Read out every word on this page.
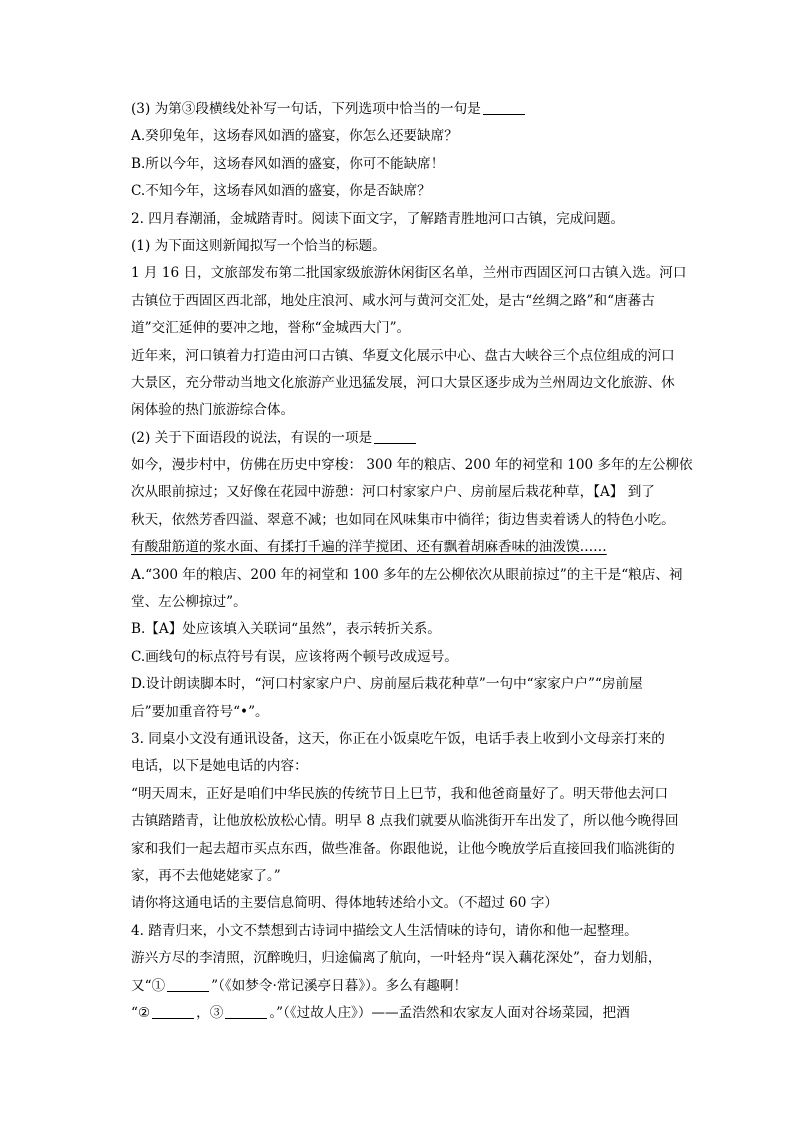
(3) 为第③段横线处补写一句话，下列选项中恰当的一句是
A.癸卯兔年，这场春风如酒的盛宴，你怎么还要缺席？
B.所以今年，这场春风如酒的盛宴，你可不能缺席！
C.不知今年，这场春风如酒的盛宴，你是否缺席？
2. 四月春潮涌，金城踏青时。阅读下面文字，了解踏青胜地河口古镇，完成问题。
(1) 为下面这则新闻拟写一个恰当的标题。
1 月 16 日，文旅部发布第二批国家级旅游休闲街区名单，兰州市西固区河口古镇入选。河口
古镇位于西固区西北部，地处庄浪河、咸水河与黄河交汇处，是古“丝绸之路”和“唐蕃古
道”交汇延伸的要冲之地，誉称“金城西大门”。
近年来，河口镇着力打造由河口古镇、华夏文化展示中心、盘古大峡谷三个点位组成的河口
大景区，充分带动当地文化旅游产业迅猛发展，河口大景区逐步成为兰州周边文化旅游、休
闲体验的热门旅游综合体。
(2) 关于下面语段的说法，有误的一项是
如今，漫步村中，仿佛在历史中穿梭： 300 年的粮店、200 年的祠堂和 100 多年的左公柳依
次从眼前掠过；又好像在花园中游憩：河口村家家户户、房前屋后栽花种草，【A】 到了
秋天，依然芳香四溢、翠意不减；也如同在风味集市中徜徉；街边售卖着诱人的特色小吃。
有酸甜筋道的浆水面、有揉打千遍的洋芋搅团、还有飘着胡麻香味的油泼馍……
A.“300 年的粮店、200 年的祠堂和 100 多年的左公柳依次从眼前掠过”的主干是“粮店、祠
堂、左公柳掠过”。
B.【A】处应该填入关联词“虽然”，表示转折关系。
C.画线句的标点符号有误，应该将两个顿号改成逗号。
D.设计朗读脚本时，“河口村家家户户、房前屋后栽花种草”一句中“家家户户”“房前屋
后”要加重音符号“•”。
3. 同桌小文没有通讯设备，这天，你正在小饭桌吃午饭，电话手表上收到小文母亲打来的
电话，以下是她电话的内容：
“明天周末，正好是咱们中华民族的传统节日上巳节，我和他爸商量好了。明天带他去河口
古镇踏踏青，让他放松放松心情。明早 8 点我们就要从临洮街开车出发了，所以他今晚得回
家和我们一起去超市买点东西，做些准备。你跟他说，让他今晚放学后直接回我们临洮街的
家，再不去他姥姥家了。”
请你将这通电话的主要信息简明、得体地转述给小文。（不超过 60 字）
4. 踏青归来，小文不禁想到古诗词中描绘文人生活情味的诗句，请你和他一起整理。
游兴方尽的李清照，沉醉晚归，归途偏离了航向，一叶轻舟“误入藕花深处”，奋力划船，
又“①	”（《如梦令·常记溪亭日暮》）。多么有趣啊！
“②	，③	。”（《过故人庄》）——孟浩然和农家友人面对谷场菜园，把酒
